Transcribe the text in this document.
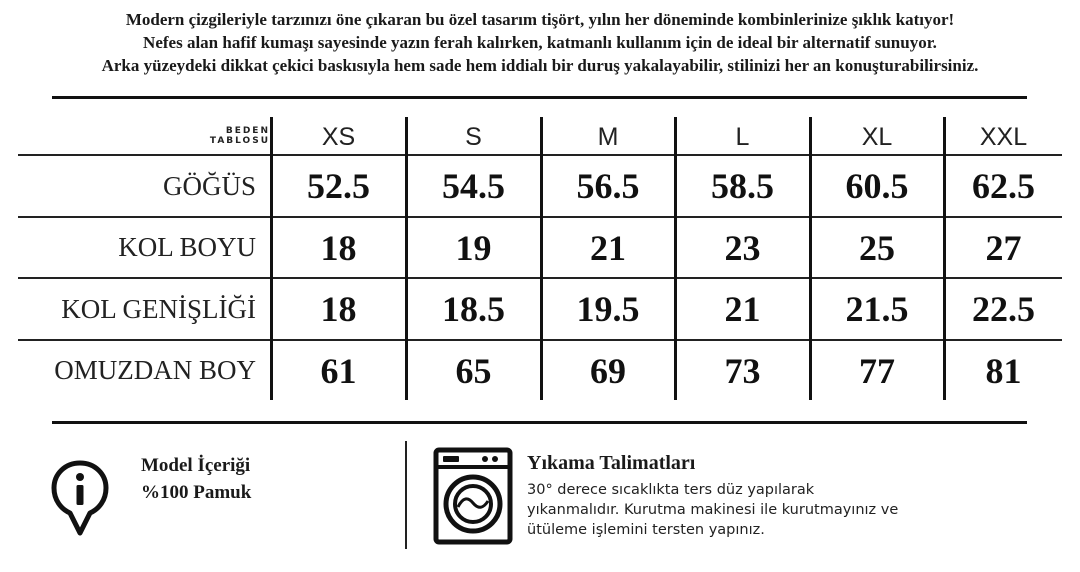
Modern çizgileriyle tarzınızı öne çıkaran bu özel tasarım tişört, yılın her döneminde kombinlerinize şıklık katıyor!
Nefes alan hafif kumaşı sayesinde yazın ferah kalırken, katmanlı kullanım için de ideal bir alternatif sunuyor.
Arka yüzeydeki dikkat çekici baskısıyla hem sade hem iddialı bir duruş yakalayabilir, stilinizi her an konuşturabilirsiniz.
BEDEN
TABLOSU	XS	S	M	L	XL	XXL
GÖĞÜS	52.5	54.5	56.5	58.5	60.5	62.5
KOL BOYU	18	19	21	23	25	27
KOL GENİŞLİĞİ	18	18.5	19.5	21	21.5	22.5
OMUZDAN BOY	61	65	69	73	77	81
Model İçeriği
%100 Pamuk
Yıkama Talimatları
30° derece sıcaklıkta ters düz yapılarak
yıkanmalıdır. Kurutma makinesi ile kurutmayınız ve
ütüleme işlemini tersten yapınız.
